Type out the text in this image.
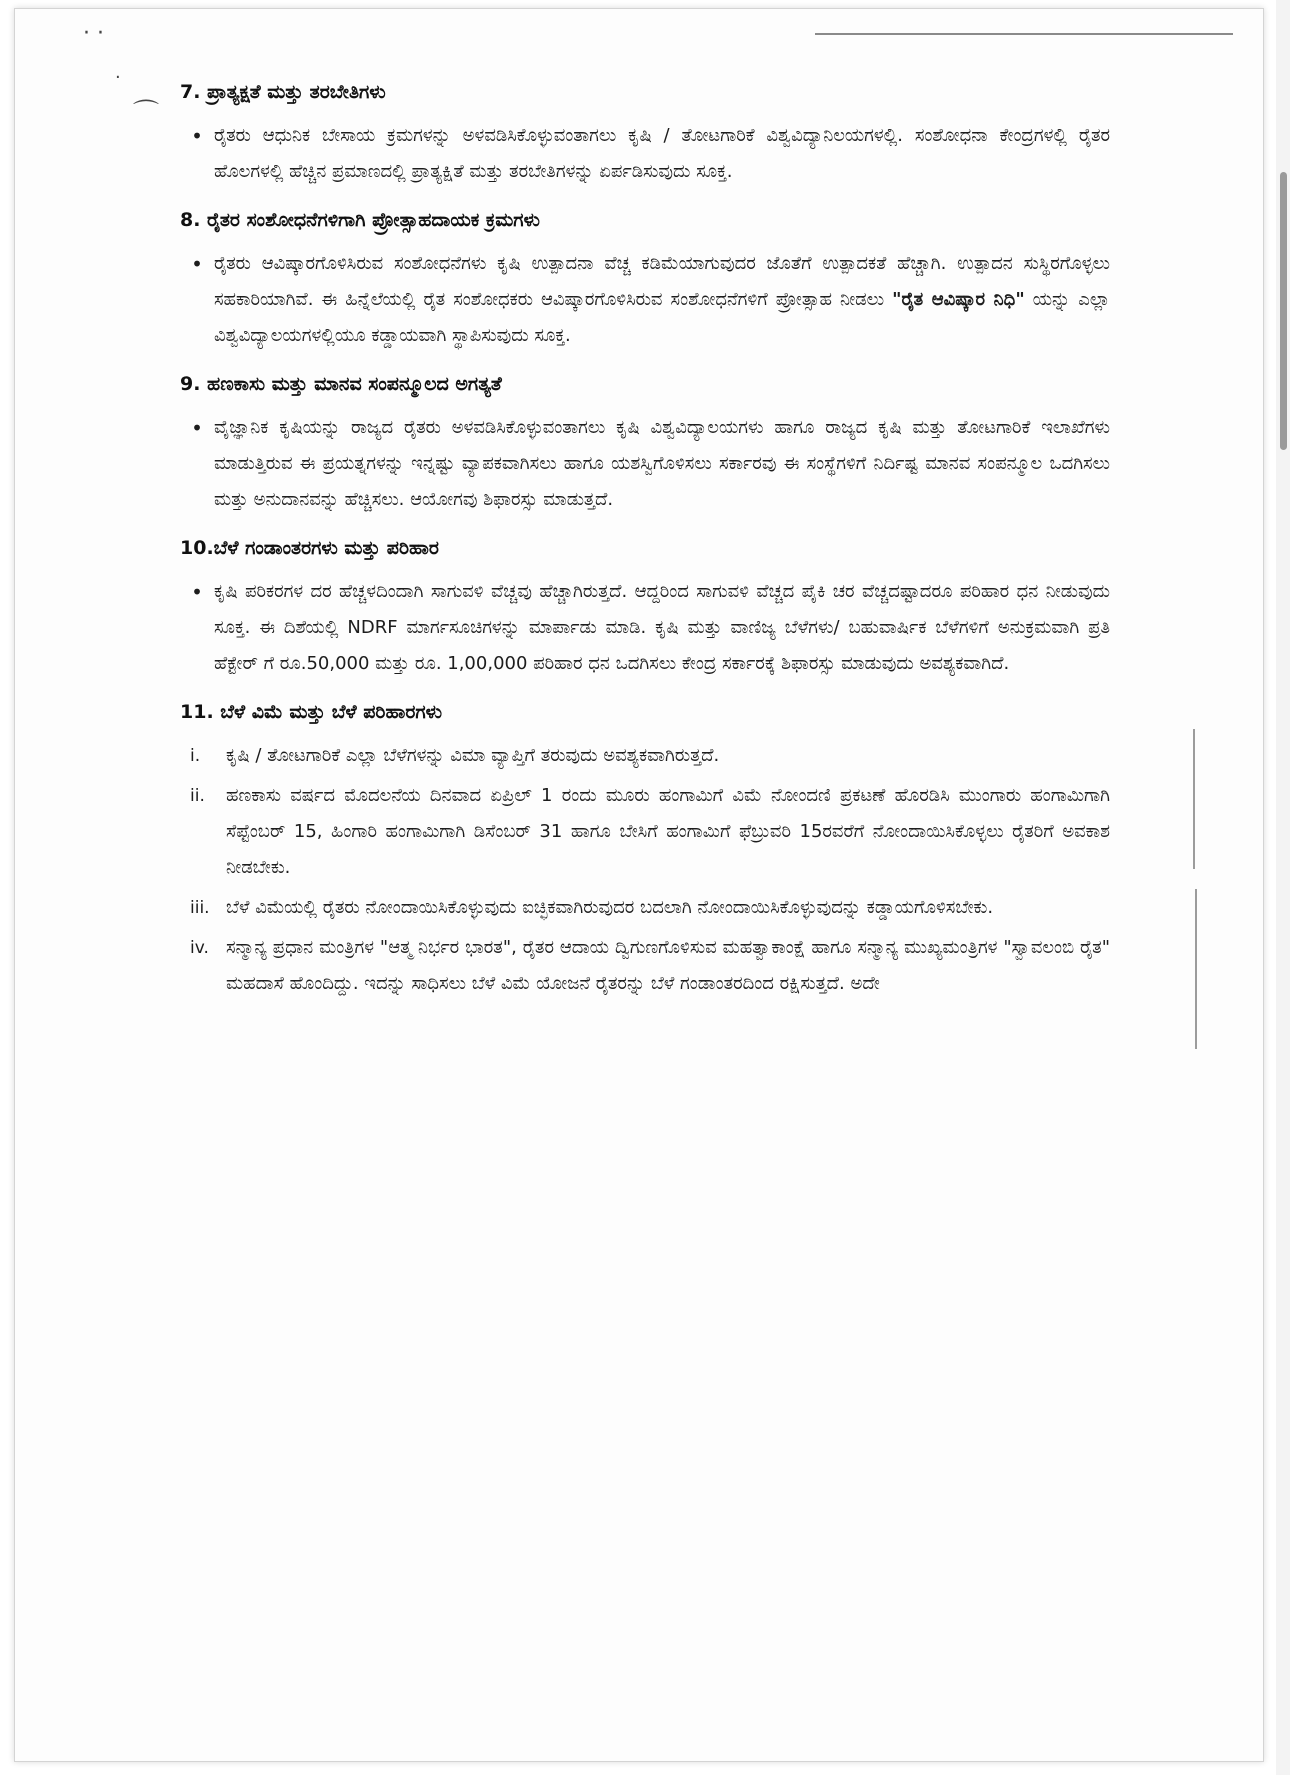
· ·
·
⌒
7. ಪ್ರಾತ್ಯಕ್ಷತೆ ಮತ್ತು ತರಬೇತಿಗಳು
• ರೈತರು ಆಧುನಿಕ ಬೇಸಾಯ ಕ್ರಮಗಳನ್ನು ಅಳವಡಿಸಿಕೊಳ್ಳುವಂತಾಗಲು ಕೃಷಿ / ತೋಟಗಾರಿಕೆ ವಿಶ್ವವಿದ್ಯಾನಿಲಯಗಳಲ್ಲಿ. ಸಂಶೋಧನಾ ಕೇಂದ್ರಗಳಲ್ಲಿ ರೈತರ ಹೊಲಗಳಲ್ಲಿ ಹೆಚ್ಚಿನ ಪ್ರಮಾಣದಲ್ಲಿ ಪ್ರಾತ್ಯಕ್ಷಿತೆ ಮತ್ತು ತರಬೇತಿಗಳನ್ನು ಏರ್ಪಡಿಸುವುದು ಸೂಕ್ತ.

8. ರೈತರ ಸಂಶೋಧನೆಗಳಿಗಾಗಿ ಪ್ರೋತ್ಸಾಹದಾಯಕ ಕ್ರಮಗಳು
• ರೈತರು ಆವಿಷ್ಕಾರಗೊಳಿಸಿರುವ ಸಂಶೋಧನೆಗಳು ಕೃಷಿ ಉತ್ಪಾದನಾ ವೆಚ್ಚ ಕಡಿಮೆಯಾಗುವುದರ ಜೊತೆಗೆ ಉತ್ಪಾದಕತೆ ಹೆಚ್ಚಾಗಿ. ಉತ್ಪಾದನ ಸುಸ್ಥಿರಗೊಳ್ಳಲು ಸಹಕಾರಿಯಾಗಿವೆ. ಈ ಹಿನ್ನೆಲೆಯಲ್ಲಿ ರೈತ ಸಂಶೋಧಕರು ಆವಿಷ್ಕಾರಗೊಳಿಸಿರುವ ಸಂಶೋಧನೆಗಳಿಗೆ ಪ್ರೋತ್ಸಾಹ ನೀಡಲು "ರೈತ ಆವಿಷ್ಕಾರ ನಿಧಿ" ಯನ್ನು ಎಲ್ಲಾ ವಿಶ್ವವಿದ್ಯಾಲಯಗಳಲ್ಲಿಯೂ ಕಡ್ಡಾಯವಾಗಿ ಸ್ಥಾಪಿಸುವುದು ಸೂಕ್ತ.

9. ಹಣಕಾಸು ಮತ್ತು ಮಾನವ ಸಂಪನ್ಮೂಲದ ಅಗತ್ಯತೆ
• ವೈಜ್ಞಾನಿಕ ಕೃಷಿಯನ್ನು ರಾಜ್ಯದ ರೈತರು ಅಳವಡಿಸಿಕೊಳ್ಳುವಂತಾಗಲು ಕೃಷಿ ವಿಶ್ವವಿದ್ಯಾಲಯಗಳು ಹಾಗೂ ರಾಜ್ಯದ ಕೃಷಿ ಮತ್ತು ತೋಟಗಾರಿಕೆ ಇಲಾಖೆಗಳು ಮಾಡುತ್ತಿರುವ ಈ ಪ್ರಯತ್ನಗಳನ್ನು ಇನ್ನಷ್ಟು ವ್ಯಾಪಕವಾಗಿಸಲು ಹಾಗೂ ಯಶಸ್ವಿಗೊಳಿಸಲು ಸರ್ಕಾರವು ಈ ಸಂಸ್ಥೆಗಳಿಗೆ ನಿರ್ದಿಷ್ಟ ಮಾನವ ಸಂಪನ್ಮೂಲ ಒದಗಿಸಲು ಮತ್ತು ಅನುದಾನವನ್ನು ಹೆಚ್ಚಿಸಲು. ಆಯೋಗವು ಶಿಫಾರಸ್ಸು ಮಾಡುತ್ತದೆ.

10.ಬೆಳೆ ಗಂಡಾಂತರಗಳು ಮತ್ತು ಪರಿಹಾರ
• ಕೃಷಿ ಪರಿಕರಗಳ ದರ ಹೆಚ್ಚಳದಿಂದಾಗಿ ಸಾಗುವಳಿ ವೆಚ್ಚವು ಹೆಚ್ಚಾಗಿರುತ್ತದೆ. ಆದ್ದರಿಂದ ಸಾಗುವಳಿ ವೆಚ್ಚದ ಪೈಕಿ ಚರ ವೆಚ್ಚದಷ್ಟಾದರೂ ಪರಿಹಾರ ಧನ ನೀಡುವುದು ಸೂಕ್ತ. ಈ ದಿಶೆಯಲ್ಲಿ NDRF ಮಾರ್ಗಸೂಚಿಗಳನ್ನು ಮಾರ್ಪಾಡು ಮಾಡಿ. ಕೃಷಿ ಮತ್ತು ವಾಣಿಜ್ಯ ಬೆಳೆಗಳು/ ಬಹುವಾರ್ಷಿಕ ಬೆಳೆಗಳಿಗೆ ಅನುಕ್ರಮವಾಗಿ ಪ್ರತಿ ಹೆಕ್ಟೇರ್ ಗೆ ರೂ.50,000 ಮತ್ತು ರೂ. 1,00,000 ಪರಿಹಾರ ಧನ ಒದಗಿಸಲು ಕೇಂದ್ರ ಸರ್ಕಾರಕ್ಕೆ ಶಿಫಾರಸ್ಸು ಮಾಡುವುದು ಅವಶ್ಯಕವಾಗಿದೆ.

11. ಬೆಳೆ ವಿಮೆ ಮತ್ತು ಬೆಳೆ ಪರಿಹಾರಗಳು
i.	ಕೃಷಿ / ತೋಟಗಾರಿಕೆ ಎಲ್ಲಾ ಬೆಳೆಗಳನ್ನು ವಿಮಾ ವ್ಯಾಪ್ತಿಗೆ ತರುವುದು ಅವಶ್ಯಕವಾಗಿರುತ್ತದೆ.

ii.	ಹಣಕಾಸು ವರ್ಷದ ಮೊದಲನೆಯ ದಿನವಾದ ಏಪ್ರಿಲ್ 1 ರಂದು ಮೂರು ಹಂಗಾಮಿಗೆ ವಿಮೆ ನೋಂದಣಿ ಪ್ರಕಟಣೆ ಹೊರಡಿಸಿ ಮುಂಗಾರು ಹಂಗಾಮಿಗಾಗಿ ಸೆಪ್ಟೆಂಬರ್ 15, ಹಿಂಗಾರಿ ಹಂಗಾಮಿಗಾಗಿ ಡಿಸೆಂಬರ್ 31 ಹಾಗೂ ಬೇಸಿಗೆ ಹಂಗಾಮಿಗೆ ಫೆಬ್ರುವರಿ 15ರವರೆಗೆ ನೋಂದಾಯಿಸಿಕೊಳ್ಳಲು ರೈತರಿಗೆ ಅವಕಾಶ ನೀಡಬೇಕು.

iii. ಬೆಳೆ ವಿಮೆಯಲ್ಲಿ ರೈತರು ನೋಂದಾಯಿಸಿಕೊಳ್ಳುವುದು ಐಚ್ಛಿಕವಾಗಿರುವುದರ ಬದಲಾಗಿ ನೋಂದಾಯಿಸಿಕೊಳ್ಳುವುದನ್ನು ಕಡ್ಡಾಯಗೊಳಿಸಬೇಕು.

iv. ಸನ್ಮಾನ್ಯ ಪ್ರಧಾನ ಮಂತ್ರಿಗಳ "ಆತ್ಮ ನಿರ್ಭರ ಭಾರತ", ರೈತರ ಆದಾಯ ದ್ವಿಗುಣಗೊಳಿಸುವ ಮಹತ್ವಾಕಾಂಕ್ಷೆ ಹಾಗೂ ಸನ್ಮಾನ್ಯ ಮುಖ್ಯಮಂತ್ರಿಗಳ "ಸ್ವಾವಲಂಬಿ ರೈತ" ಮಹದಾಸೆ ಹೊಂದಿದ್ದು. ಇದನ್ನು ಸಾಧಿಸಲು ಬೆಳೆ ವಿಮೆ ಯೋಜನೆ ರೈತರನ್ನು ಬೆಳೆ ಗಂಡಾಂತರದಿಂದ ರಕ್ಷಿಸುತ್ತದೆ. ಅದೇ
